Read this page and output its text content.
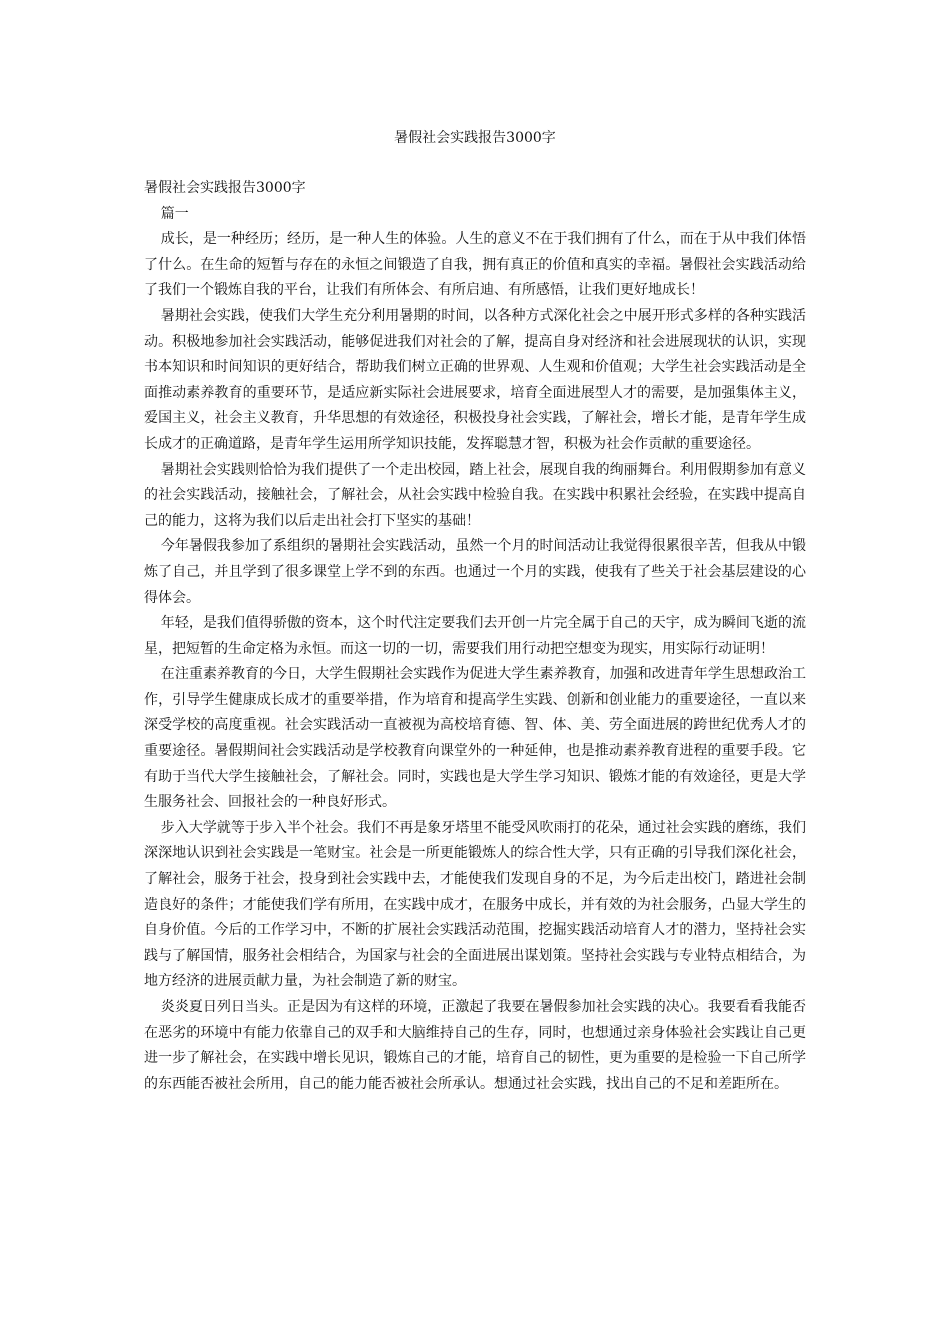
暑假社会实践报告3000字
暑假社会实践报告3000字
篇一

成长，是一种经历；经历，是一种人生的体验。人生的意义不在于我们拥有了什么，而在于从中我们体悟了什么。在生命的短暂与存在的永恒之间锻造了自我，拥有真正的价值和真实的幸福。暑假社会实践活动给了我们一个锻炼自我的平台，让我们有所体会、有所启迪、有所感悟，让我们更好地成长！

暑期社会实践，使我们大学生充分利用暑期的时间，以各种方式深化社会之中展开形式多样的各种实践活动。积极地参加社会实践活动，能够促进我们对社会的了解，提高自身对经济和社会进展现状的认识，实现书本知识和时间知识的更好结合，帮助我们树立正确的世界观、人生观和价值观；大学生社会实践活动是全面推动素养教育的重要环节，是适应新实际社会进展要求，培育全面进展型人才的需要，是加强集体主义，爱国主义，社会主义教育，升华思想的有效途径，积极投身社会实践，了解社会，增长才能，是青年学生成长成才的正确道路，是青年学生运用所学知识技能，发挥聪慧才智，积极为社会作贡献的重要途径。

暑期社会实践则恰恰为我们提供了一个走出校园，踏上社会，展现自我的绚丽舞台。利用假期参加有意义的社会实践活动，接触社会，了解社会，从社会实践中检验自我。在实践中积累社会经验，在实践中提高自己的能力，这将为我们以后走出社会打下坚实的基础！

今年暑假我参加了系组织的暑期社会实践活动，虽然一个月的时间活动让我觉得很累很辛苦，但我从中锻炼了自己，并且学到了很多课堂上学不到的东西。也通过一个月的实践，使我有了些关于社会基层建设的心得体会。

年轻，是我们值得骄傲的资本，这个时代注定要我们去开创一片完全属于自己的天宇，成为瞬间飞逝的流星，把短暂的生命定格为永恒。而这一切的一切，需要我们用行动把空想变为现实，用实际行动证明！

在注重素养教育的今日，大学生假期社会实践作为促进大学生素养教育，加强和改进青年学生思想政治工作，引导学生健康成长成才的重要举措，作为培育和提高学生实践、创新和创业能力的重要途径，一直以来深受学校的高度重视。社会实践活动一直被视为高校培育德、智、体、美、劳全面进展的跨世纪优秀人才的重要途径。暑假期间社会实践活动是学校教育向课堂外的一种延伸，也是推动素养教育进程的重要手段。它有助于当代大学生接触社会，了解社会。同时，实践也是大学生学习知识、锻炼才能的有效途径，更是大学生服务社会、回报社会的一种良好形式。

步入大学就等于步入半个社会。我们不再是象牙塔里不能受风吹雨打的花朵，通过社会实践的磨练，我们深深地认识到社会实践是一笔财宝。社会是一所更能锻炼人的综合性大学，只有正确的引导我们深化社会，了解社会，服务于社会，投身到社会实践中去，才能使我们发现自身的不足，为今后走出校门，踏进社会制造良好的条件；才能使我们学有所用，在实践中成才，在服务中成长，并有效的为社会服务，凸显大学生的自身价值。今后的工作学习中，不断的扩展社会实践活动范围，挖掘实践活动培育人才的潜力，坚持社会实践与了解国情，服务社会相结合，为国家与社会的全面进展出谋划策。坚持社会实践与专业特点相结合，为地方经济的进展贡献力量，为社会制造了新的财宝。

炎炎夏日列日当头。正是因为有这样的环境，正激起了我要在暑假参加社会实践的决心。我要看看我能否在恶劣的环境中有能力依靠自己的双手和大脑维持自己的生存，同时，也想通过亲身体验社会实践让自己更进一步了解社会，在实践中增长见识，锻炼自己的才能，培育自己的韧性，更为重要的是检验一下自己所学的东西能否被社会所用，自己的能力能否被社会所承认。想通过社会实践，找出自己的不足和差距所在。
